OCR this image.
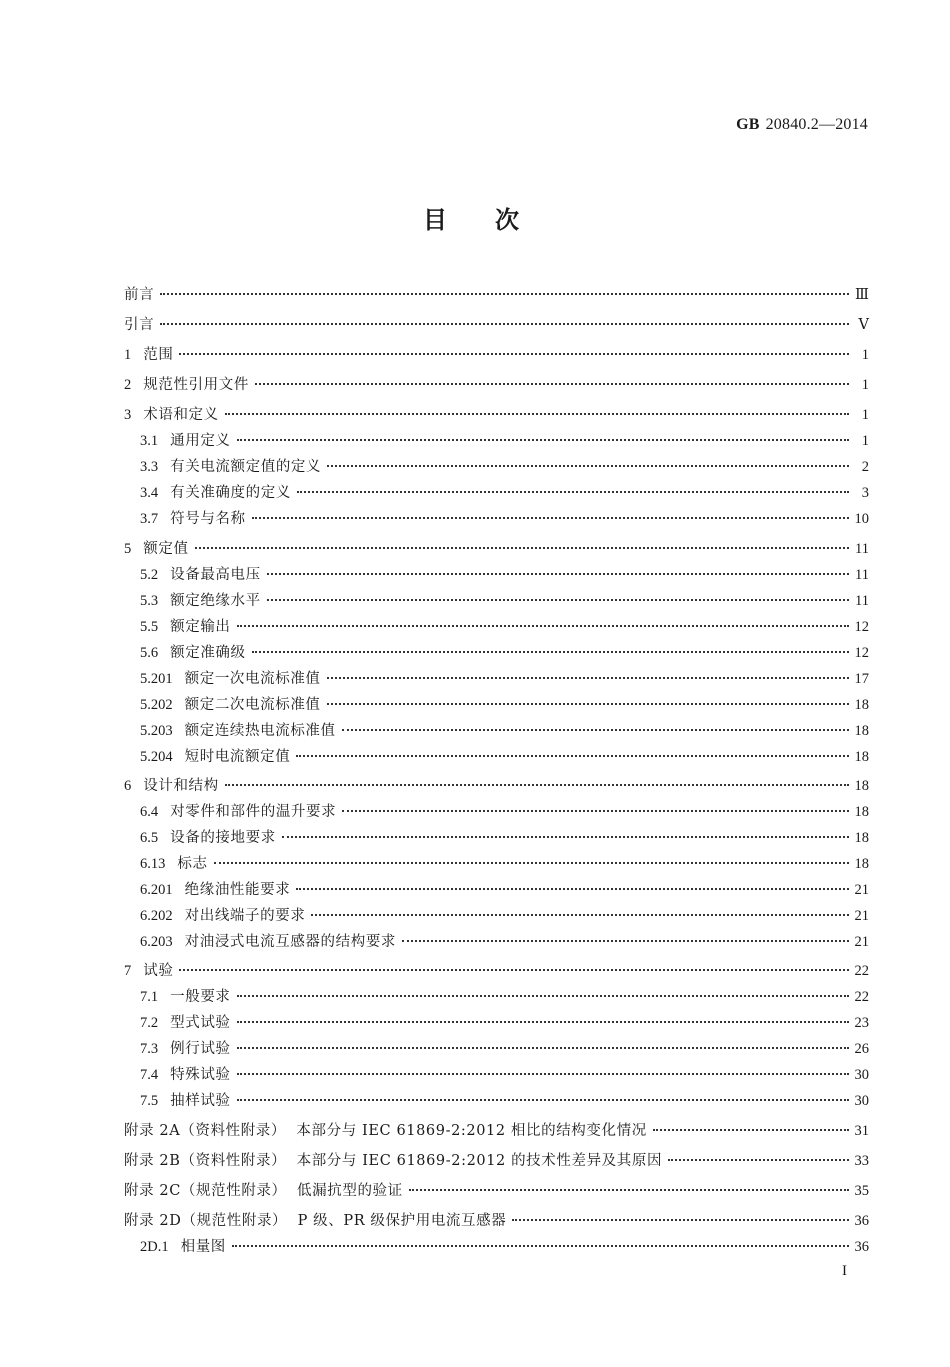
GB 20840.2—2014
目次
前言	Ⅲ
引言	Ⅴ
1 范围	1
2 规范性引用文件	1
3 术语和定义	1
3.1 通用定义	1
3.3 有关电流额定值的定义	2
3.4 有关准确度的定义	3
3.7 符号与名称	10
5 额定值	11
5.2 设备最高电压	11
5.3 额定绝缘水平	11
5.5 额定输出	12
5.6 额定准确级	12
5.201 额定一次电流标准值	17
5.202 额定二次电流标准值	18
5.203 额定连续热电流标准值	18
5.204 短时电流额定值	18
6 设计和结构	18
6.4 对零件和部件的温升要求	18
6.5 设备的接地要求	18
6.13 标志	18
6.201 绝缘油性能要求	21
6.202 对出线端子的要求	21
6.203 对油浸式电流互感器的结构要求	21
7 试验	22
7.1 一般要求	22
7.2 型式试验	23
7.3 例行试验	26
7.4 特殊试验	30
7.5 抽样试验	30
附录 2A（资料性附录）  本部分与 IEC 61869-2:2012 相比的结构变化情况	31
附录 2B（资料性附录）  本部分与 IEC 61869-2:2012 的技术性差异及其原因	33
附录 2C（规范性附录）  低漏抗型的验证	35
附录 2D（规范性附录）  P 级、PR 级保护用电流互感器	36
2D.1 相量图	36
I
